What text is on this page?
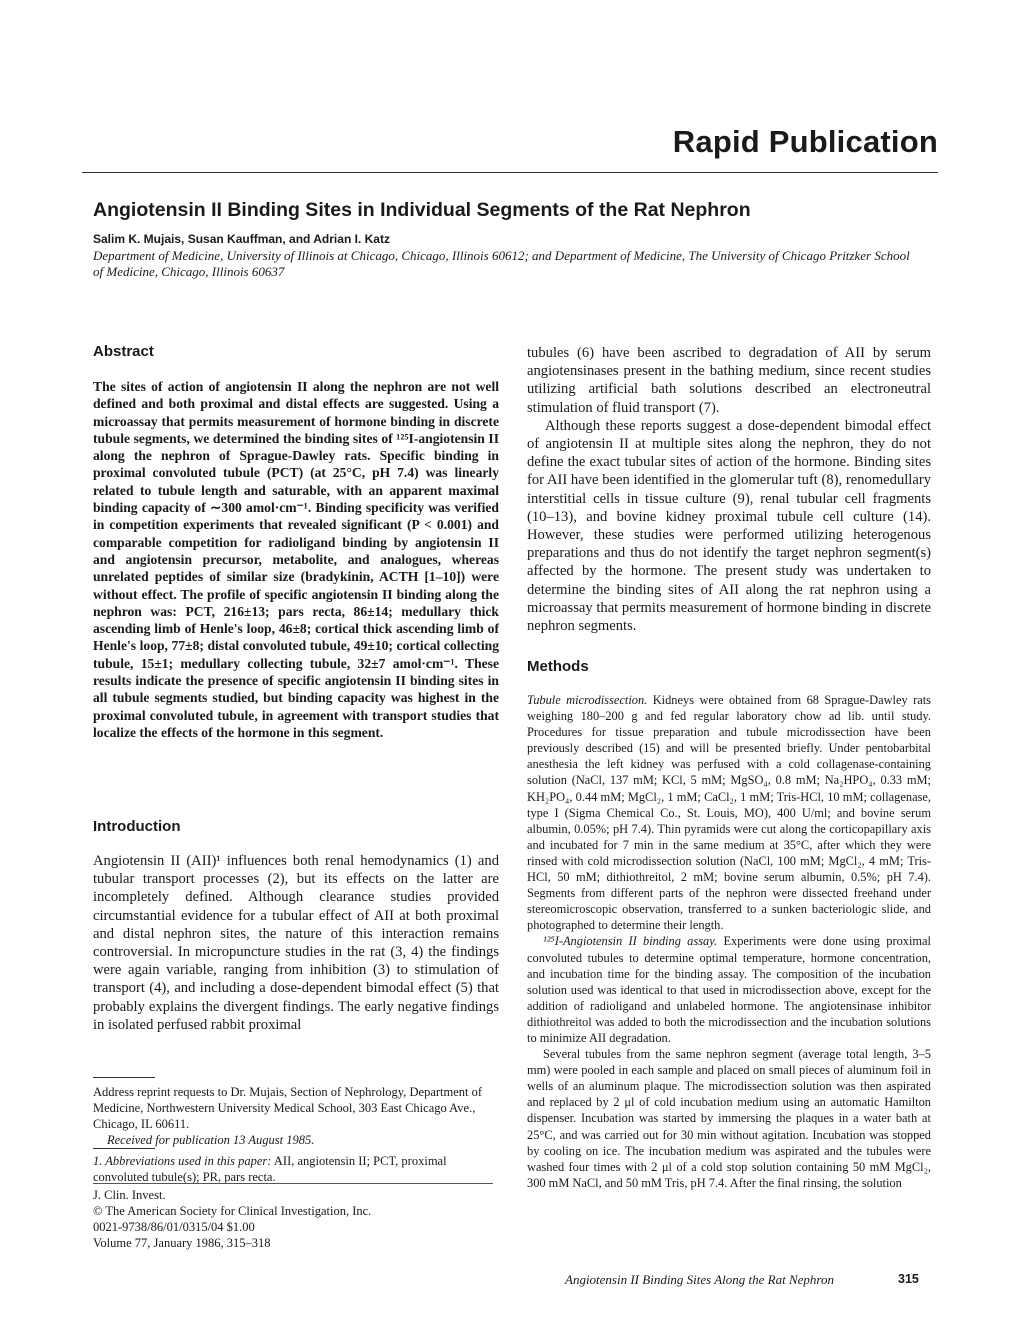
Rapid Publication
Angiotensin II Binding Sites in Individual Segments of the Rat Nephron
Salim K. Mujais, Susan Kauffman, and Adrian I. Katz
Department of Medicine, University of Illinois at Chicago, Chicago, Illinois 60612; and Department of Medicine, The University of Chicago Pritzker School of Medicine, Chicago, Illinois 60637
Abstract

The sites of action of angiotensin II along the nephron are not well defined and both proximal and distal effects are suggested. Using a microassay that permits measurement of hormone binding in discrete tubule segments, we determined the binding sites of ¹²⁵I-angiotensin II along the nephron of Sprague-Dawley rats. Specific binding in proximal convoluted tubule (PCT) (at 25°C, pH 7.4) was linearly related to tubule length and saturable, with an apparent maximal binding capacity of ∼300 amol·cm⁻¹. Binding specificity was verified in competition experiments that revealed significant (P < 0.001) and comparable competition for radioligand binding by angiotensin II and angiotensin precursor, metabolite, and analogues, whereas unrelated peptides of similar size (bradykinin, ACTH [1–10]) were without effect. The profile of specific angiotensin II binding along the nephron was: PCT, 216±13; pars recta, 86±14; medullary thick ascending limb of Henle's loop, 46±8; cortical thick ascending limb of Henle's loop, 77±8; distal convoluted tubule, 49±10; cortical collecting tubule, 15±1; medullary collecting tubule, 32±7 amol·cm⁻¹. These results indicate the presence of specific angiotensin II binding sites in all tubule segments studied, but binding capacity was highest in the proximal convoluted tubule, in agreement with transport studies that localize the effects of the hormone in this segment.

Introduction

Angiotensin II (AII)¹ influences both renal hemodynamics (1) and tubular transport processes (2), but its effects on the latter are incompletely defined. Although clearance studies provided circumstantial evidence for a tubular effect of AII at both proximal and distal nephron sites, the nature of this interaction remains controversial. In micropuncture studies in the rat (3, 4) the findings were again variable, ranging from inhibition (3) to stimulation of transport (4), and including a dose-dependent bimodal effect (5) that probably explains the divergent findings. The early negative findings in isolated perfused rabbit proximal

Address reprint requests to Dr. Mujais, Section of Nephrology, Department of Medicine, Northwestern University Medical School, 303 East Chicago Ave., Chicago, IL 60611.

Received for publication 13 August 1985.

1. Abbreviations used in this paper: AII, angiotensin II; PCT, proximal convoluted tubule(s); PR, pars recta.

J. Clin. Invest.

© The American Society for Clinical Investigation, Inc.

0021-9738/86/01/0315/04 $1.00

Volume 77, January 1986, 315–318

tubules (6) have been ascribed to degradation of AII by serum angiotensinases present in the bathing medium, since recent studies utilizing artificial bath solutions described an electroneutral stimulation of fluid transport (7).

Although these reports suggest a dose-dependent bimodal effect of angiotensin II at multiple sites along the nephron, they do not define the exact tubular sites of action of the hormone. Binding sites for AII have been identified in the glomerular tuft (8), renomedullary interstitial cells in tissue culture (9), renal tubular cell fragments (10–13), and bovine kidney proximal tubule cell culture (14). However, these studies were performed utilizing heterogenous preparations and thus do not identify the target nephron segment(s) affected by the hormone. The present study was undertaken to determine the binding sites of AII along the rat nephron using a microassay that permits measurement of hormone binding in discrete nephron segments.

Methods

Tubule microdissection. Kidneys were obtained from 68 Sprague-Dawley rats weighing 180–200 g and fed regular laboratory chow ad lib. until study. Procedures for tissue preparation and tubule microdissection have been previously described (15) and will be presented briefly. Under pentobarbital anesthesia the left kidney was perfused with a cold collagenase-containing solution (NaCl, 137 mM; KCl, 5 mM; MgSO₄, 0.8 mM; Na₂HPO₄, 0.33 mM; KH₂PO₄, 0.44 mM; MgCl₂, 1 mM; CaCl₂, 1 mM; Tris-HCl, 10 mM; collagenase, type I (Sigma Chemical Co., St. Louis, MO), 400 U/ml; and bovine serum albumin, 0.05%; pH 7.4). Thin pyramids were cut along the corticopapillary axis and incubated for 7 min in the same medium at 35°C, after which they were rinsed with cold microdissection solution (NaCl, 100 mM; MgCl₂, 4 mM; Tris-HCl, 50 mM; dithiothreitol, 2 mM; bovine serum albumin, 0.5%; pH 7.4). Segments from different parts of the nephron were dissected freehand under stereomicroscopic observation, transferred to a sunken bacteriologic slide, and photographed to determine their length.

¹²⁵I-Angiotensin II binding assay. Experiments were done using proximal convoluted tubules to determine optimal temperature, hormone concentration, and incubation time for the binding assay. The composition of the incubation solution used was identical to that used in microdissection above, except for the addition of radioligand and unlabeled hormone. The angiotensinase inhibitor dithiothreitol was added to both the microdissection and the incubation solutions to minimize AII degradation.

Several tubules from the same nephron segment (average total length, 3–5 mm) were pooled in each sample and placed on small pieces of aluminum foil in wells of an aluminum plaque. The microdissection solution was then aspirated and replaced by 2 μl of cold incubation medium using an automatic Hamilton dispenser. Incubation was started by immersing the plaques in a water bath at 25°C, and was carried out for 30 min without agitation. Incubation was stopped by cooling on ice. The incubation medium was aspirated and the tubules were washed four times with 2 μl of a cold stop solution containing 50 mM MgCl₂, 300 mM NaCl, and 50 mM Tris, pH 7.4. After the final rinsing, the solution

Angiotensin II Binding Sites Along the Rat Nephron	315
